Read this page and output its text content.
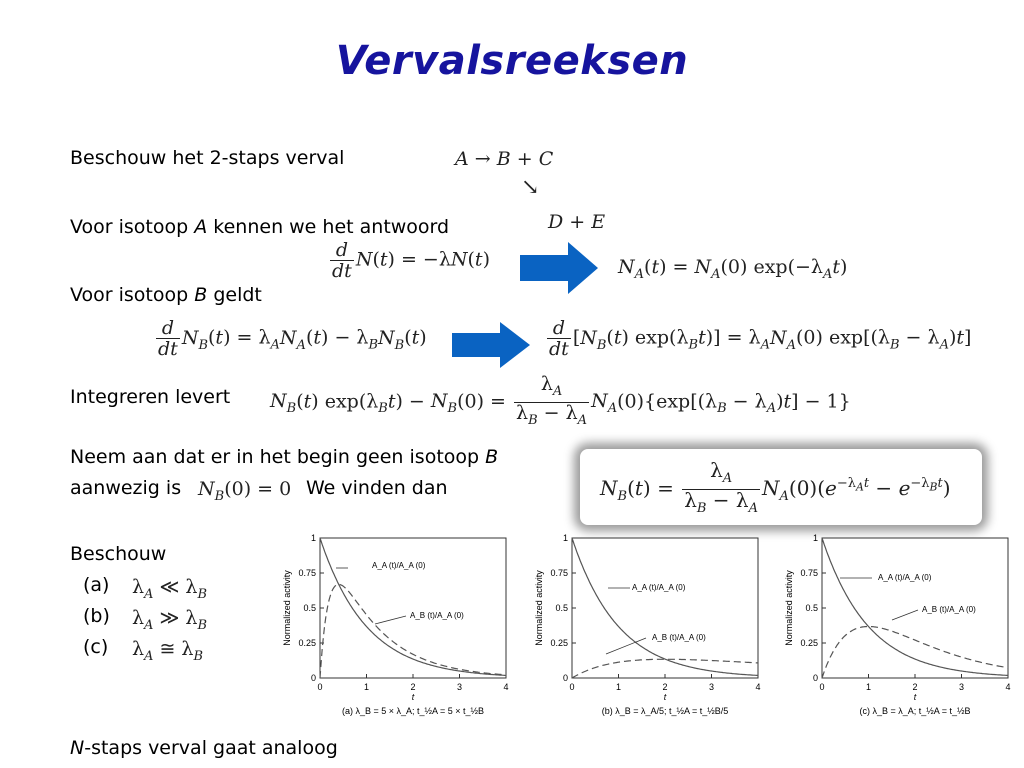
Vervalsreeksen
Beschouw het 2-staps verval	A → B + C
↘
D + E
Voor isotoop A kennen we het antwoord
$\frac{d}{dt} N(t) = -\lambda N(t)$	$N_A(t) = N_A(0)$ $\exp(-\lambda_At)$
Voor isotoop B geldt
$\frac{d}{dt} N_B(t) = \lambda_AN_A(t) - \lambda_BN_B(t)$	$\frac{d}{dt} [N_B(t) \exp(\lambda_Bt)] = \lambda_AN_A(0) \exp[(\lambda_B - \lambda_A)t]$
Integreren levert $N_B(t) \exp(\lambda_Bt) - N_B(0) = \frac{\lambda_A}{\lambda_B - \lambda_A} N_A(0)\{\exp[(\lambda_B - \lambda_A)t] - 1\}$
Neem aan dat er in het begin geen isotoop B
aanwezig is $N_B(0) = 0$ We vinden dan	$N_B(t) = \frac{\lambda_A}{\lambda_B - \lambda_A} N_A(0)(e^{-\lambda_At} - e^{-\lambda_Bt})$
Beschouw
(a)
(b)
(c)
$\lambda_A$ ≪ $\lambda_B$
$\lambda_A$ ≫ $\lambda_B$
$\lambda_A$ ≅ $\lambda_B$
0	1	2	3	4
0
0.25
0.5
0.75
1
t
Normalized activity
A_A (t)/A_A (0)
A_B (t)/A_A (0)
(a) λ_B = 5 × λ_A; t_½A = 5 × t_½B
0	1	2	3	4
0
0.25
0.5
0.75
1
t
Normalized activity	A_A (t)/A_A (0)
A_B (t)/A_A (0)
(b) λ_B = λ_A/5; t_½A = t_½B/5
0	1	2	3	4
0
0.25
0.5
0.75
1
t
Normalized activity	A_A (t)/A_A (0)
A_B (t)/A_A (0)
(c) λ_B = λ_A; t_½A = t_½B
N-staps verval gaat analoog
